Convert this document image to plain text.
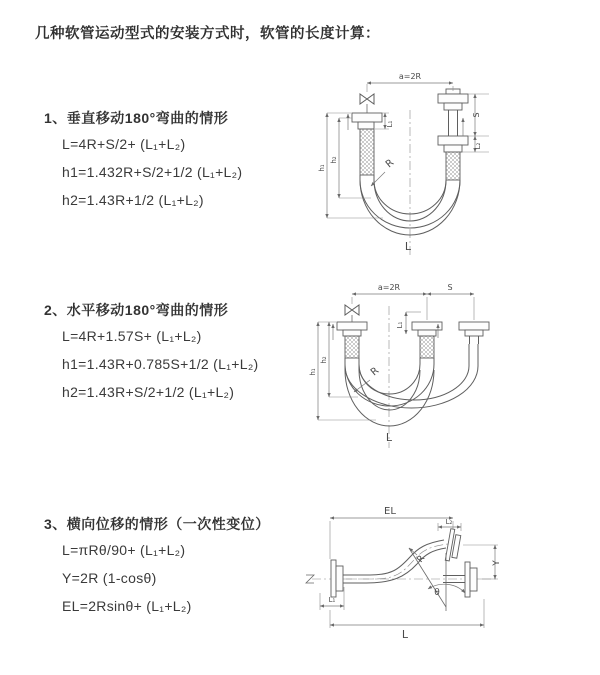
几种软管运动型式的安装方式时，软管的长度计算：
1、垂直移动180°弯曲的情形
L=4R+S/2+ (L₁+L₂)
h1=1.432R+S/2+1/2 (L₁+L₂)
h2=1.43R+1/2 (L₁+L₂)
2、水平移动180°弯曲的情形
L=4R+1.57S+ (L₁+L₂)
h1=1.43R+0.785S+1/2 (L₁+L₂)
h2=1.43R+S/2+1/2 (L₁+L₂)
3、横向位移的情形（一次性变位）
L=πRθ/90+ (L₁+L₂)
Y=2R (1-cosθ)
EL=2Rsinθ+ (L₁+L₂)
R
a=2R
h₁
h₂
L₁
S
L₂
L
a=2R	S
R
h₁
h₂
L₁
L
EL
L₂
L₁
R
θ
Y
L
